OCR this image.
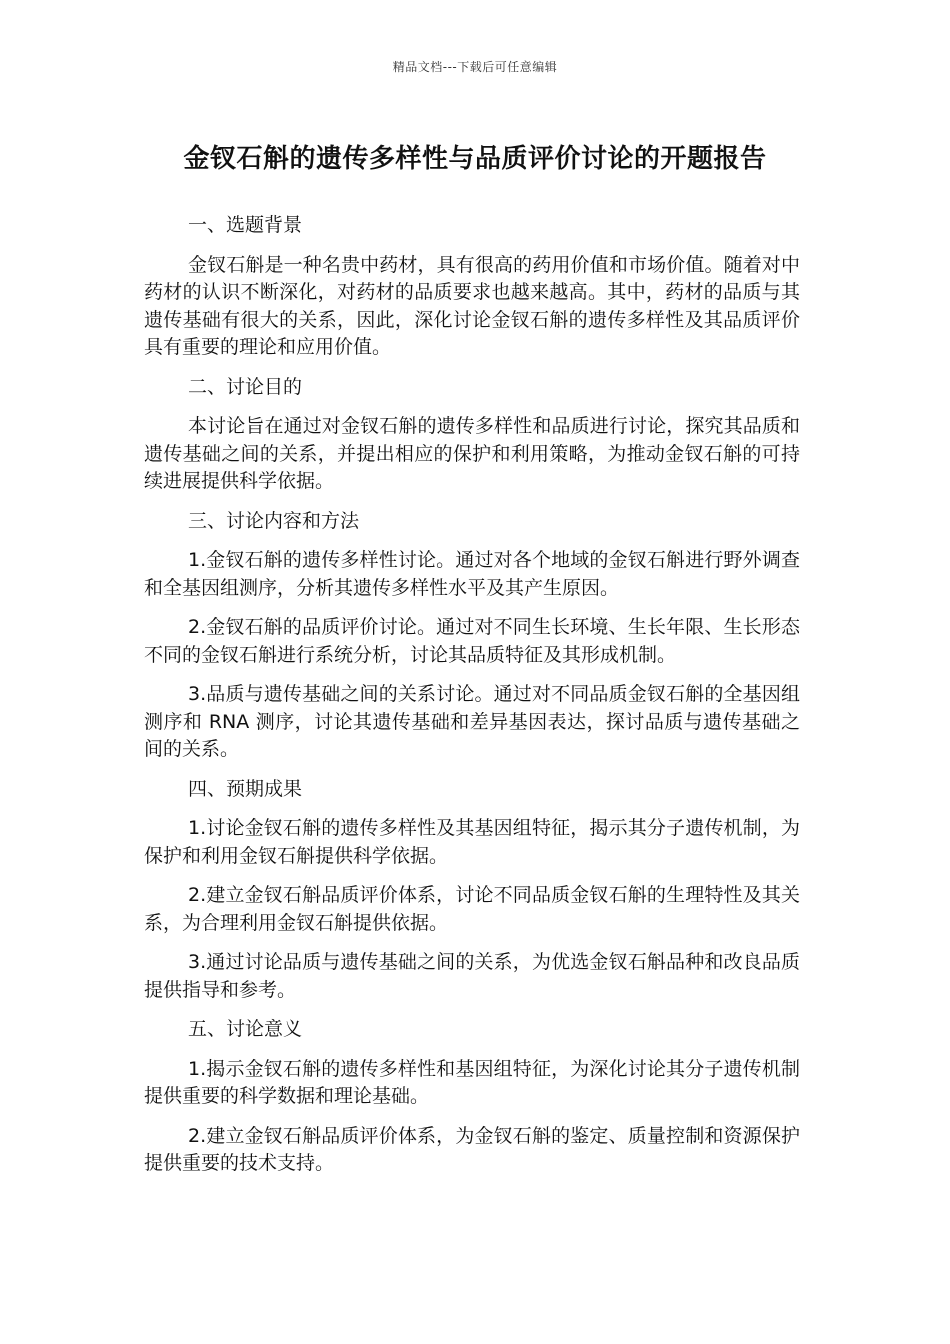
精品文档---下载后可任意编辑
金钗石斛的遗传多样性与品质评价讨论的开题报告

一、选题背景

金钗石斛是一种名贵中药材，具有很高的药用价值和市场价值。随着对中药材的认识不断深化，对药材的品质要求也越来越高。其中，药材的品质与其遗传基础有很大的关系，因此，深化讨论金钗石斛的遗传多样性及其品质评价具有重要的理论和应用价值。

二、讨论目的

本讨论旨在通过对金钗石斛的遗传多样性和品质进行讨论，探究其品质和遗传基础之间的关系，并提出相应的保护和利用策略，为推动金钗石斛的可持续进展提供科学依据。

三、讨论内容和方法

1.金钗石斛的遗传多样性讨论。通过对各个地域的金钗石斛进行野外调查和全基因组测序，分析其遗传多样性水平及其产生原因。

2.金钗石斛的品质评价讨论。通过对不同生长环境、生长年限、生长形态不同的金钗石斛进行系统分析，讨论其品质特征及其形成机制。

3.品质与遗传基础之间的关系讨论。通过对不同品质金钗石斛的全基因组测序和 RNA 测序，讨论其遗传基础和差异基因表达，探讨品质与遗传基础之间的关系。

四、预期成果

1.讨论金钗石斛的遗传多样性及其基因组特征，揭示其分子遗传机制，为保护和利用金钗石斛提供科学依据。

2.建立金钗石斛品质评价体系，讨论不同品质金钗石斛的生理特性及其关系，为合理利用金钗石斛提供依据。

3.通过讨论品质与遗传基础之间的关系，为优选金钗石斛品种和改良品质提供指导和参考。

五、讨论意义

1.揭示金钗石斛的遗传多样性和基因组特征，为深化讨论其分子遗传机制提供重要的科学数据和理论基础。

2.建立金钗石斛品质评价体系，为金钗石斛的鉴定、质量控制和资源保护提供重要的技术支持。
